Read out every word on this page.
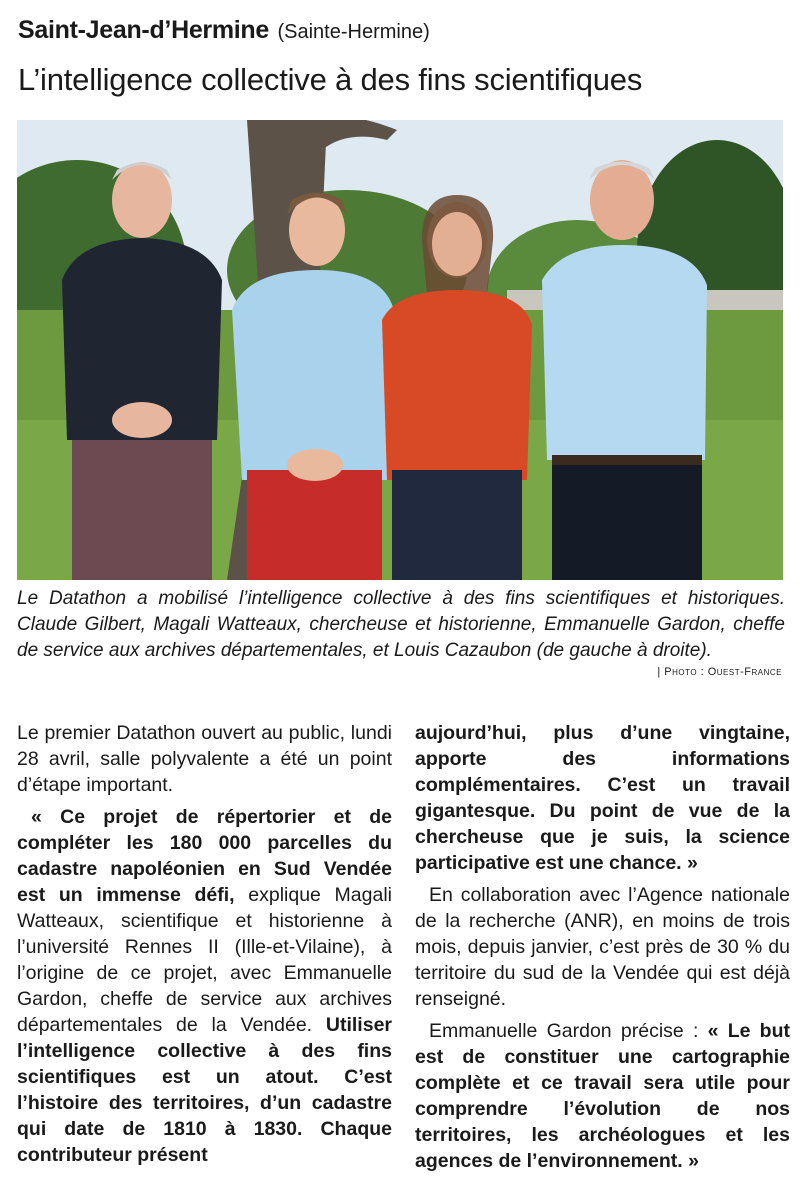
Saint-Jean-d’Hermine (Sainte-Hermine)
L’intelligence collective à des fins scientifiques
Le Datathon a mobilisé l’intelligence collective à des fins scientifiques et historiques. Claude Gilbert, Magali Watteaux, chercheuse et historienne, Emmanuelle Gardon, cheffe de service aux archives départementales, et Louis Cazaubon (de gauche à droite).
| Photo : Ouest-France

Le premier Datathon ouvert au public, lundi 28 avril, salle polyvalente a été un point d’étape important.

« Ce projet de répertorier et de compléter les 180 000 parcelles du cadastre napoléonien en Sud Vendée est un immense défi, explique Magali Watteaux, scientifique et historienne à l’université Rennes II (Ille-et-Vilaine), à l’origine de ce projet, avec Emmanuelle Gardon, cheffe de service aux archives départementales de la Vendée. Utiliser l’intelligence collective à des fins scientifiques est un atout. C’est l’histoire des territoires, d’un cadastre qui date de 1810 à 1830. Chaque contributeur présent

aujourd’hui, plus d’une vingtaine, apporte des informations complémentaires. C’est un travail gigantesque. Du point de vue de la chercheuse que je suis, la science participative est une chance. »

En collaboration avec l’Agence nationale de la recherche (ANR), en moins de trois mois, depuis janvier, c’est près de 30 % du territoire du sud de la Vendée qui est déjà renseigné.

Emmanuelle Gardon précise : « Le but est de constituer une cartographie complète et ce travail sera utile pour comprendre l’évolution de nos territoires, les archéologues et les agences de l’environnement. »
